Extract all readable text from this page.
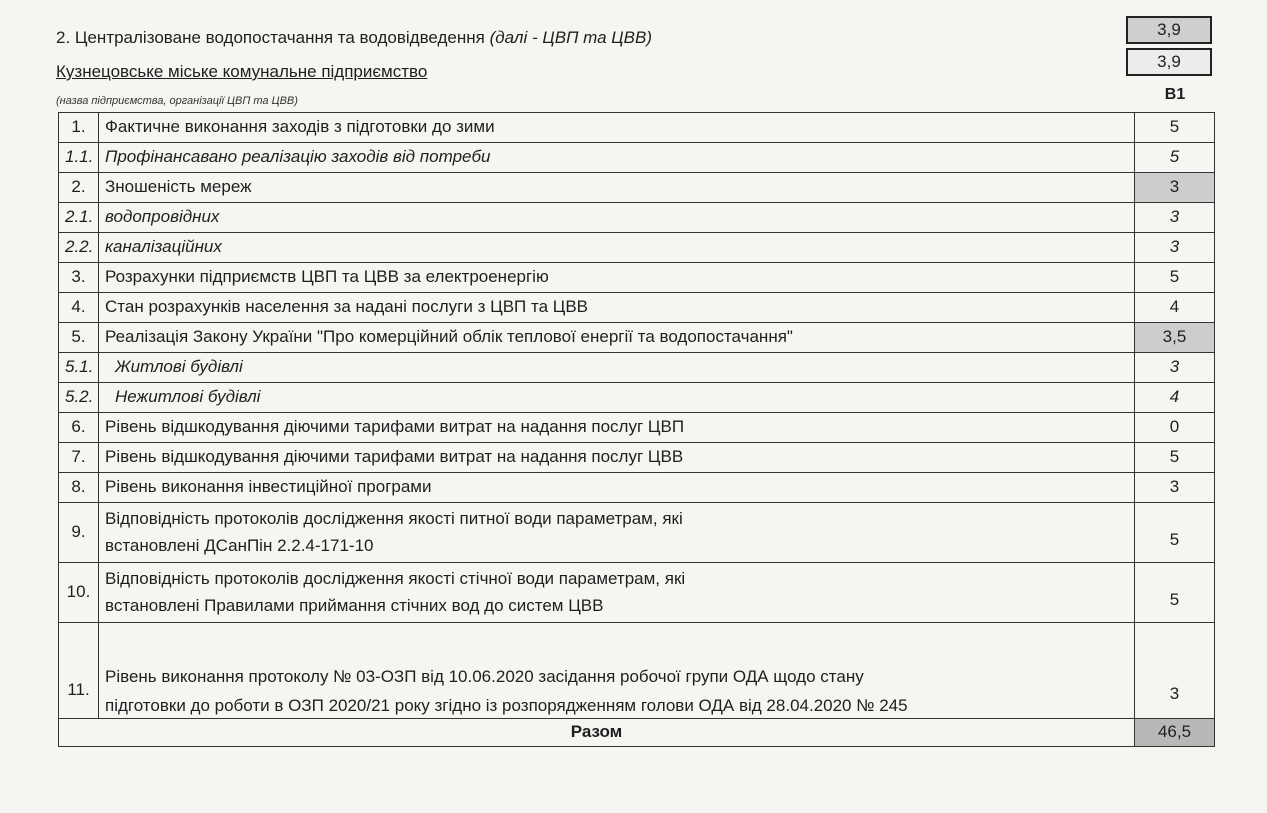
2. Централізоване водопостачання та водовідведення (далі - ЦВП та ЦВВ)
Кузнецовське міське комунальне підприємство
(назва підприємства, організації ЦВП та ЦВВ)
3,9
3,9
B1
1.	Фактичне виконання заходів з підготовки до зими	5
1.1.	Профінансавано реалізацію заходів від потреби	5
2.	Зношеність мереж	3
2.1.	водопровідних	3
2.2.	каналізаційних	3
3.	Розрахунки підприємств ЦВП та ЦВВ за електроенергію	5
4.	Стан розрахунків населення за надані послуги з ЦВП та ЦВВ	4
5.	Реалізація Закону України "Про комерційний облік теплової енергії та водопостачання"	3,5
5.1.	Житлові будівлі	3
5.2.	Нежитлові будівлі	4
6.	Рівень відшкодування діючими тарифами витрат на надання послуг ЦВП	0
7.	Рівень відшкодування діючими тарифами витрат на надання послуг ЦВВ	5
8.	Рівень виконання інвестиційної програми	3
9.	Відповідність протоколів дослідження якості питної води параметрам, які
встановлені ДСанПін 2.2.4-171-10	5
10.	Відповідність протоколів дослідження якості стічної води параметрам, які
встановлені Правилами приймання стічних вод до систем ЦВВ	5
11.	Рівень виконання протоколу № 03-ОЗП від 10.06.2020 засідання робочої групи ОДА щодо стану
підготовки до роботи в ОЗП 2020/21 року згідно із розпорядженням голови ОДА від 28.04.2020 № 245	3
Разом		46,5
